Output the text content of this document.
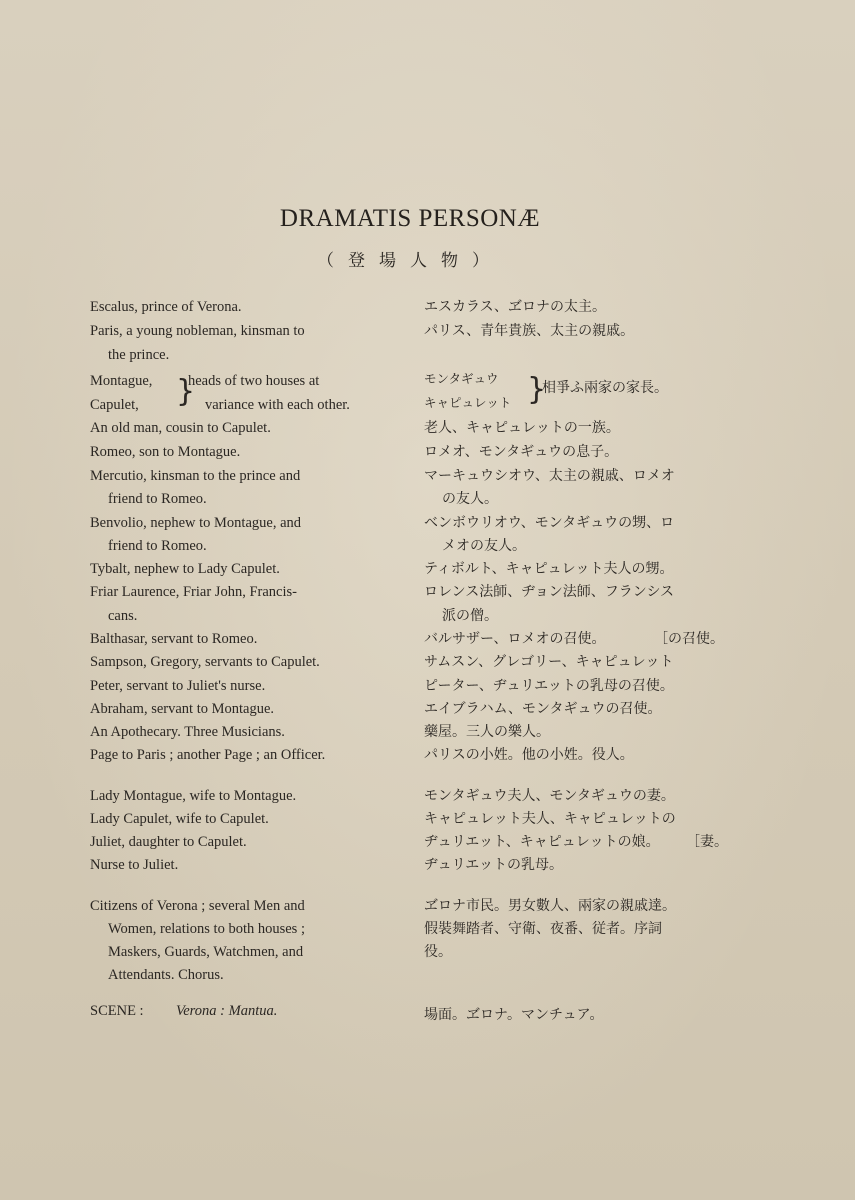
DRAMATIS PERSONÆ
（登場人物）
Escalus, prince of Verona.
Paris, a young nobleman, kinsman to
the prince.
Montague,
Capulet, }
heads of two houses at
variance with each other.
An old man, cousin to Capulet.
Romeo, son to Montague.
Mercutio, kinsman to the prince and
friend to Romeo.
Benvolio, nephew to Montague, and
friend to Romeo.
Tybalt, nephew to Lady Capulet.
Friar Laurence, Friar John, Francis-
cans.
Balthasar, servant to Romeo.
Sampson, Gregory, servants to Capulet.
Peter, servant to Juliet's nurse.
Abraham, servant to Montague.
An Apothecary. Three Musicians.
Page to Paris ; another Page ; an Officer.
Lady Montague, wife to Montague.
Lady Capulet, wife to Capulet.
Juliet, daughter to Capulet.
Nurse to Juliet.
Citizens of Verona ; several Men and
Women, relations to both houses ;
Maskers, Guards, Watchmen, and
Attendants. Chorus.
SCENE : Verona : Mantua.
エスカラス、ヹロナの太主。
パリス、青年貴族、太主の親戚。
モンタギュウ
キャピュレット }
相爭ふ兩家の家長。
老人、キャピュレットの一族。
ロメオ、モンタギュウの息子。
マーキュウシオウ、太主の親戚、ロメオ
の友人。
ベンボウリオウ、モンタギュウの甥、ロ
メオの友人。
ティボルト、キャピュレット夫人の甥。
ロレンス法師、ヂョン法師、フランシス
派の僧。
バルサザー、ロメオの召使。	［の召使。
サムスン、グレゴリー、キャピュレット
ピーター、ヂュリエットの乳母の召使。
エイブラハム、モンタギュウの召使。
藥屋。三人の樂人。
パリスの小姓。他の小姓。役人。
モンタギュウ夫人、モンタギュウの妻。
キャピュレット夫人、キャピュレットの
ヂュリエット、キャピュレットの娘。 ［妻。
ヂュリエットの乳母。
ヹロナ市民。男女數人、兩家の親戚達。
假裝舞踏者、守衛、夜番、従者。序詞
役。
場面。ヹロナ。マンチュア。
